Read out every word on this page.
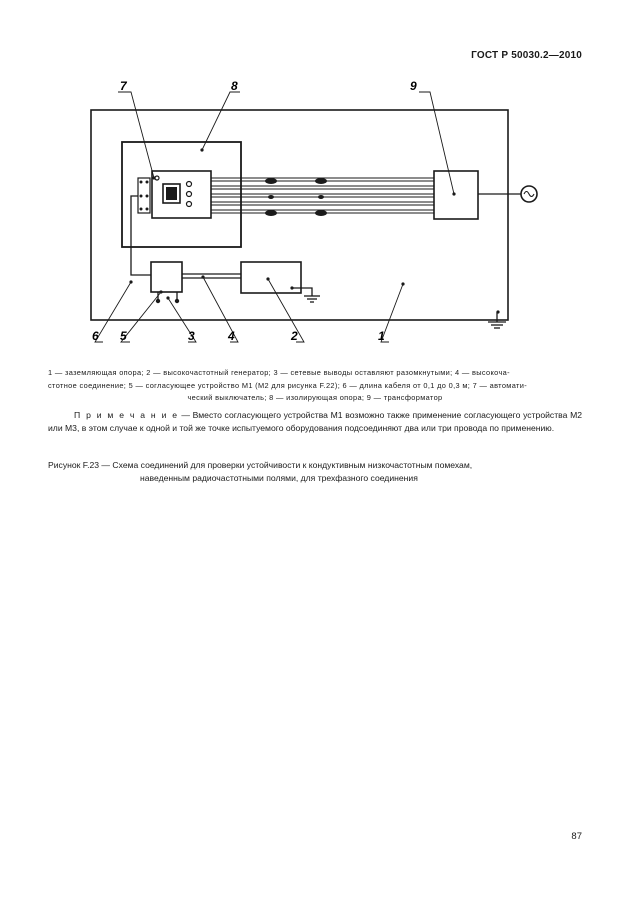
ГОСТ Р 50030.2—2010
7	8	9
6 5	3	4	2	1
1 — заземляющая опора; 2 — высокочастотный генератор; 3 — сетевые выводы оставляют разомкнутыми; 4 — высокоча-
стотное соединение; 5 — согласующее устройство М1 (М2 для рисунка F.22); 6 — длина кабеля от 0,1 до 0,3 м; 7 — автомати-
ческий выключатель; 8 — изолирующая опора; 9 — трансформатор
П р и м е ч а н и е — Вместо согласующего устройства М1 возможно также применение согласующего устройства М2 или М3, в этом случае к одной и той же точке испытуемого оборудования подсоединяют два или три провода по применению.
Рисунок F.23 — Схема соединений для проверки устойчивости к кондуктивным низкочастотным помехам,
наведенным радиочастотными полями, для трехфазного соединения
87
